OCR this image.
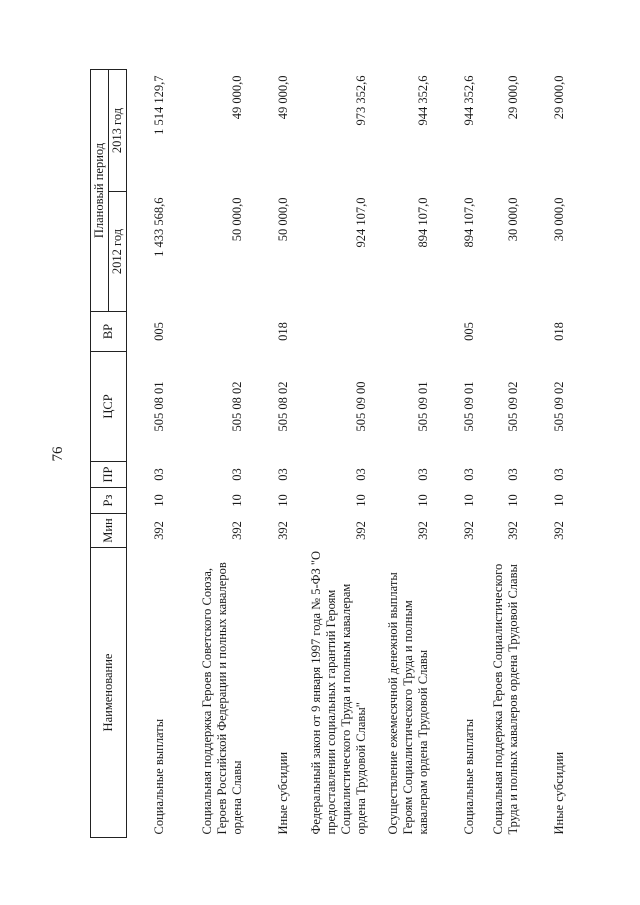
76
Наименование	Мин	Рз	ПР	ЦСР	ВР	Плановый период	
						2012 год	2013 год
Социальные выплаты	392	10	03	505 08 01	005	1 433 568,6	1 514 129,7
Социальная поддержка Героев Советского Союза, Героев Российской Федерации и полных кавалеров ордена Славы	392	10	03	505 08 02		50 000,0	49 000,0
Иные субсидии	392	10	03	505 08 02	018	50 000,0	49 000,0
Федеральный закон от 9 января 1997 года № 5-ФЗ "О предоставлении социальных гарантий Героям Социалистического Труда и полным кавалерам ордена Трудовой Славы"	392	10	03	505 09 00		924 107,0	973 352,6
Осуществление ежемесячной денежной выплаты Героям Социалистического Труда и полным кавалерам ордена Трудовой Славы	392	10	03	505 09 01		894 107,0	944 352,6
Социальные выплаты	392	10	03	505 09 01	005	894 107,0	944 352,6
Социальная поддержка Героев Социалистического Труда и полных кавалеров ордена Трудовой Славы	392	10	03	505 09 02		30 000,0	29 000,0
Иные субсидии	392	10	03	505 09 02	018	30 000,0	29 000,0
